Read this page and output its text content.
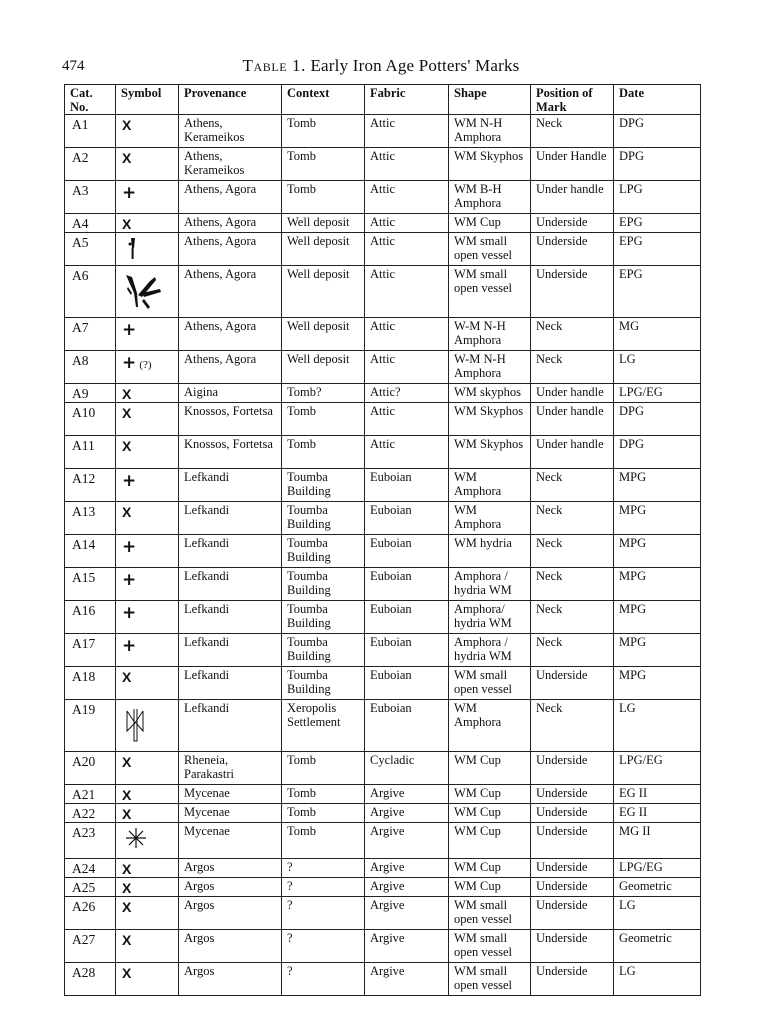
474	Table 1. Early Iron Age Potters' Marks
Cat. No.	Symbol	Provenance	Context	Fabric	Shape	Position of Mark	Date
A1	X	Athens, Kerameikos	Tomb	Attic	WM N-H Amphora	Neck	DPG
A2	X	Athens, Kerameikos	Tomb	Attic	WM Skyphos	Under Handle	DPG
A3	+	Athens, Agora	Tomb	Attic	WM B-H Amphora	Under handle	LPG
A4	X	Athens, Agora	Well deposit	Attic	WM Cup	Underside	EPG
A5		Athens, Agora	Well deposit	Attic	WM small open vessel	Underside	EPG
A6		Athens, Agora	Well deposit	Attic	WM small open vessel	Underside	EPG
A7	+	Athens, Agora	Well deposit	Attic	W-M N-H Amphora	Neck	MG
A8	+ (?)	Athens, Agora	Well deposit	Attic	W-M N-H Amphora	Neck	LG
A9	X	Aigina	Tomb?	Attic?	WM skyphos	Under handle	LPG/EG
A10	X	Knossos, Fortetsa	Tomb	Attic	WM Skyphos	Under handle	DPG
A11	X	Knossos, Fortetsa	Tomb	Attic	WM Skyphos	Under handle	DPG
A12	+	Lefkandi	Toumba Building	Euboian	WM Amphora	Neck	MPG
A13	X	Lefkandi	Toumba Building	Euboian	WM Amphora	Neck	MPG
A14	+	Lefkandi	Toumba Building	Euboian	WM hydria	Neck	MPG
A15	+	Lefkandi	Toumba Building	Euboian	Amphora / hydria WM	Neck	MPG
A16	+	Lefkandi	Toumba Building	Euboian	Amphora/ hydria WM	Neck	MPG
A17	+	Lefkandi	Toumba Building	Euboian	Amphora / hydria WM	Neck	MPG
A18	X	Lefkandi	Toumba Building	Euboian	WM small open vessel	Underside	MPG
A19		Lefkandi	Xeropolis Settlement	Euboian	WM Amphora	Neck	LG
A20	X	Rheneia, Parakastri	Tomb	Cycladic	WM Cup	Underside	LPG/EG
A21	X	Mycenae	Tomb	Argive	WM Cup	Underside	EG II
A22	X	Mycenae	Tomb	Argive	WM Cup	Underside	EG II
A23		Mycenae	Tomb	Argive	WM Cup	Underside	MG II
A24	X	Argos	?	Argive	WM Cup	Underside	LPG/EG
A25	X	Argos	?	Argive	WM Cup	Underside	Geometric
A26	X	Argos	?	Argive	WM small open vessel	Underside	LG
A27	X	Argos	?	Argive	WM small open vessel	Underside	Geometric
A28	X	Argos	?	Argive	WM small open vessel	Underside	LG
